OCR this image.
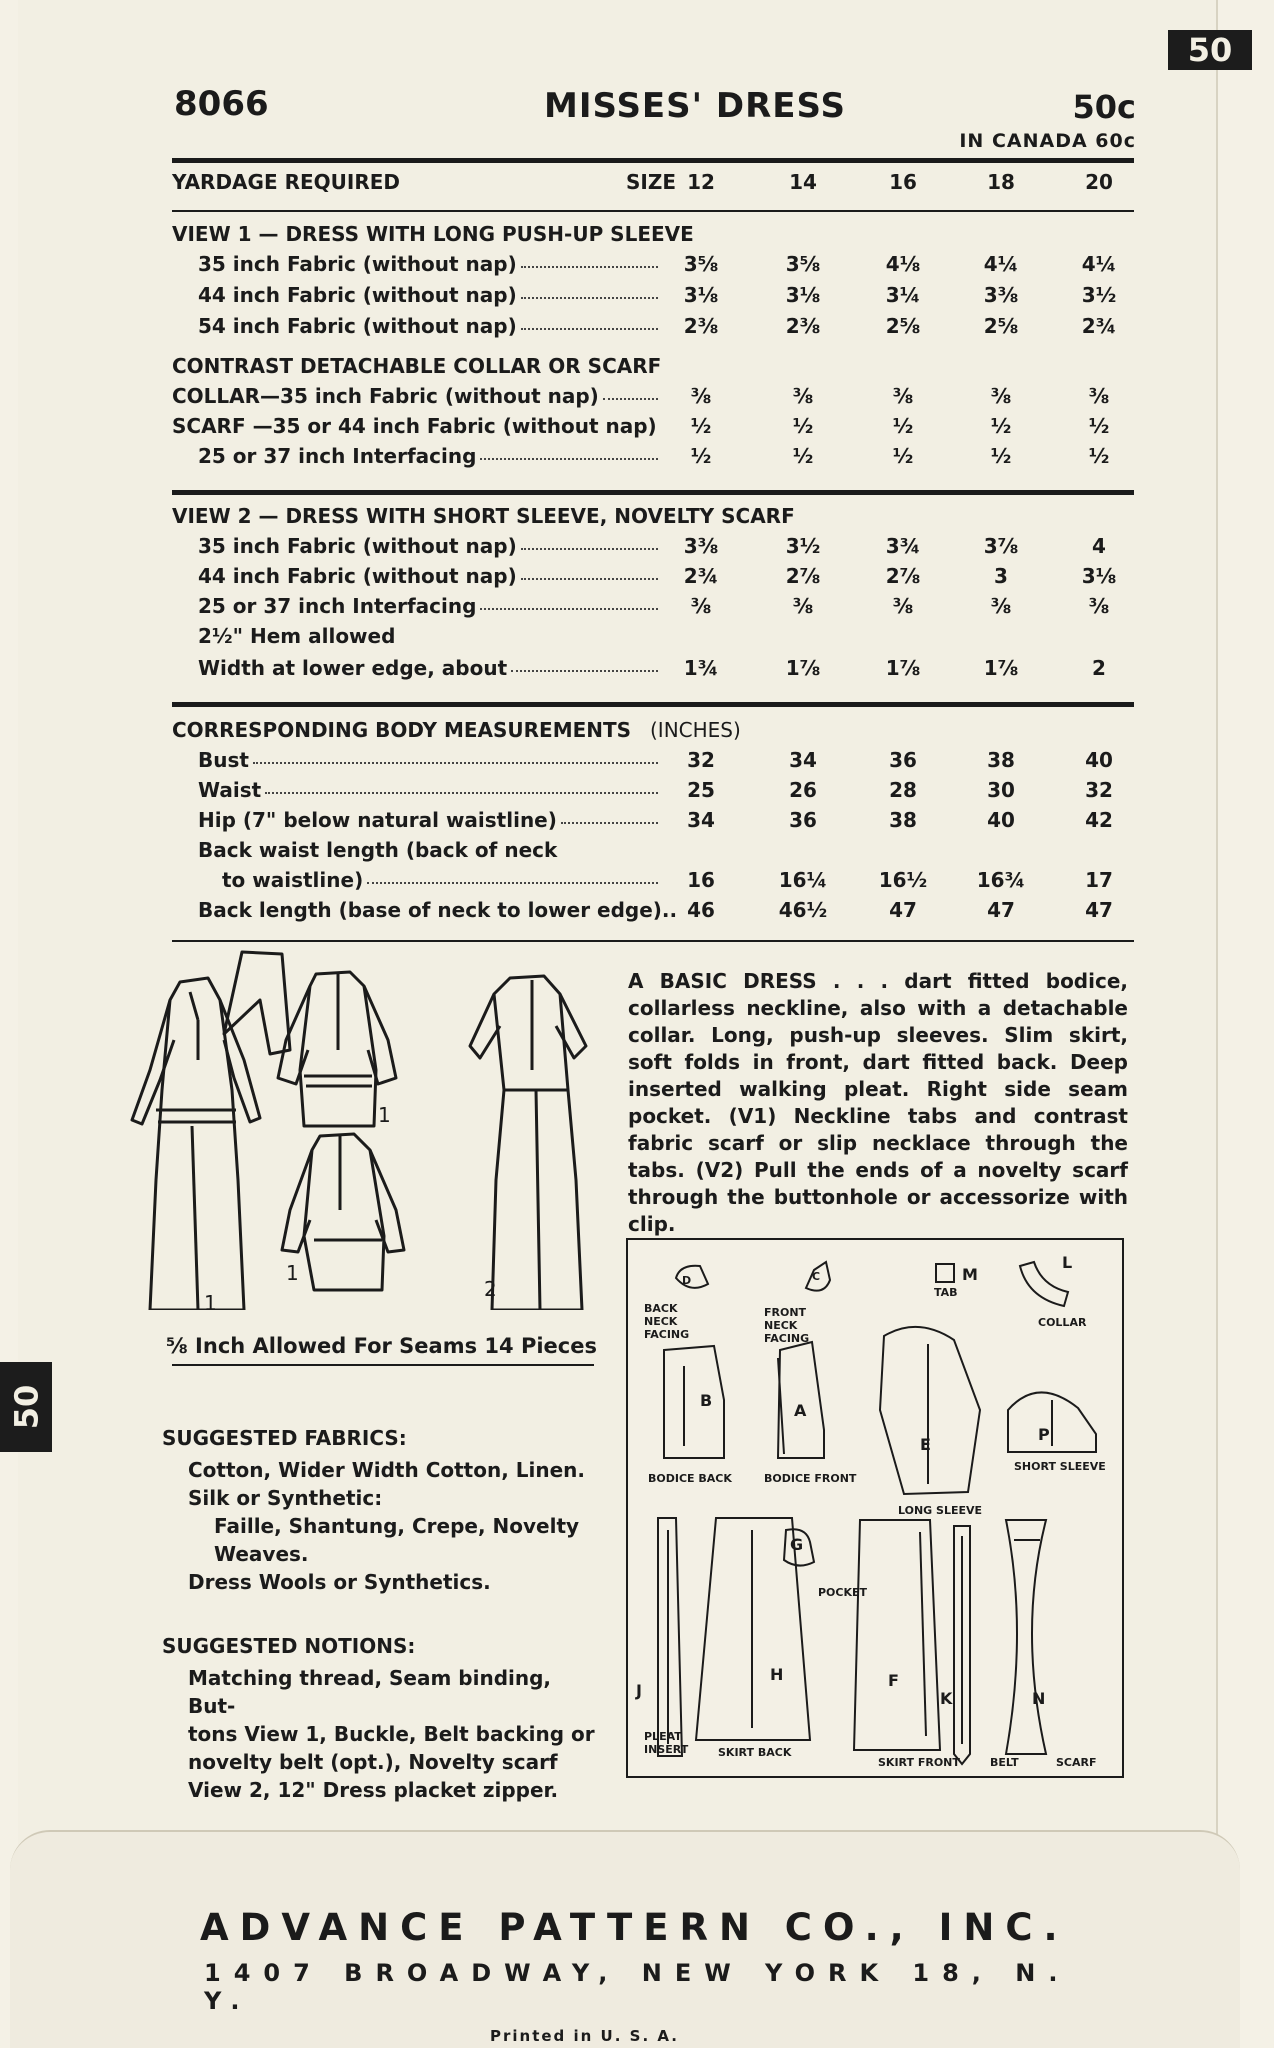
50
50
8066	MISSES' DRESS	50c
IN CANADA 60c
YARDAGE REQUIRED	SIZE 12	14	16	18	20
VIEW 1 — DRESS WITH LONG PUSH-UP SLEEVE
35 inch Fabric (without nap)	3⅝	3⅝	4⅛	4¼	4¼
44 inch Fabric (without nap)	3⅛	3⅛	3¼	3⅜	3½
54 inch Fabric (without nap)	2⅜	2⅜	2⅝	2⅝	2¾
CONTRAST DETACHABLE COLLAR OR SCARF
COLLAR—35 inch Fabric (without nap)	⅜	⅜	⅜	⅜	⅜
SCARF —35 or 44 inch Fabric (without nap)	½	½	½	½	½
25 or 37 inch Interfacing	½	½	½	½	½
VIEW 2 — DRESS WITH SHORT SLEEVE, NOVELTY SCARF
35 inch Fabric (without nap)	3⅜	3½	3¾	3⅞	4
44 inch Fabric (without nap)	2¾	2⅞	2⅞	3	3⅛
25 or 37 inch Interfacing	⅜	⅜	⅜	⅜	⅜
2½" Hem allowed
Width at lower edge, about	1¾	1⅞	1⅞	1⅞	2
CORRESPONDING BODY MEASUREMENTS (INCHES)
Bust	32	34	36	38	40
Waist	25	26	28	30	32
Hip (7" below natural waistline)	34	36	38	40	42
Back waist length (back of neck
to waistline)	16	16¼	16½	16¾	17
Back length (base of neck to lower edge).. 46	46½	47	47	47
1
1
1
2
⅝ Inch Allowed For Seams 14 Pieces
A BASIC DRESS . . . dart fitted bodice, collarless neckline, also with a detachable collar. Long, push-up sleeves. Slim skirt, soft folds in front, dart fitted back. Deep inserted walking pleat. Right side seam pocket. (V1) Neckline tabs and contrast fabric scarf or slip necklace through the tabs. (V2) Pull the ends of a novelty scarf through the buttonhole or accessorize with clip.
SUGGESTED FABRICS:

Cotton, Wider Width Cotton, Linen.

Silk or Synthetic:

Faille, Shantung, Crepe, Novelty

Weaves.

Dress Wools or Synthetics.

SUGGESTED NOTIONS:

Matching thread, Seam binding, But-

tons View 1, Buckle, Belt backing or

novelty belt (opt.), Novelty scarf

View 2, 12" Dress placket zipper.

D	C	M
L
B
A
E
P
G
H
J
F
K	N
BACK
NECK
FACING
FRONT
NECK
FACING
TAB
COLLAR
BODICE BACK	BODICE FRONT
LONG SLEEVE
SHORT SLEEVE
POCKET
PLEAT
INSERT	SKIRT BACK
SKIRT FRONT	BELT	SCARF
ADVANCE PATTERN CO., INC.
1407 BROADWAY, NEW YORK 18, N. Y.
Printed in U. S. A.
